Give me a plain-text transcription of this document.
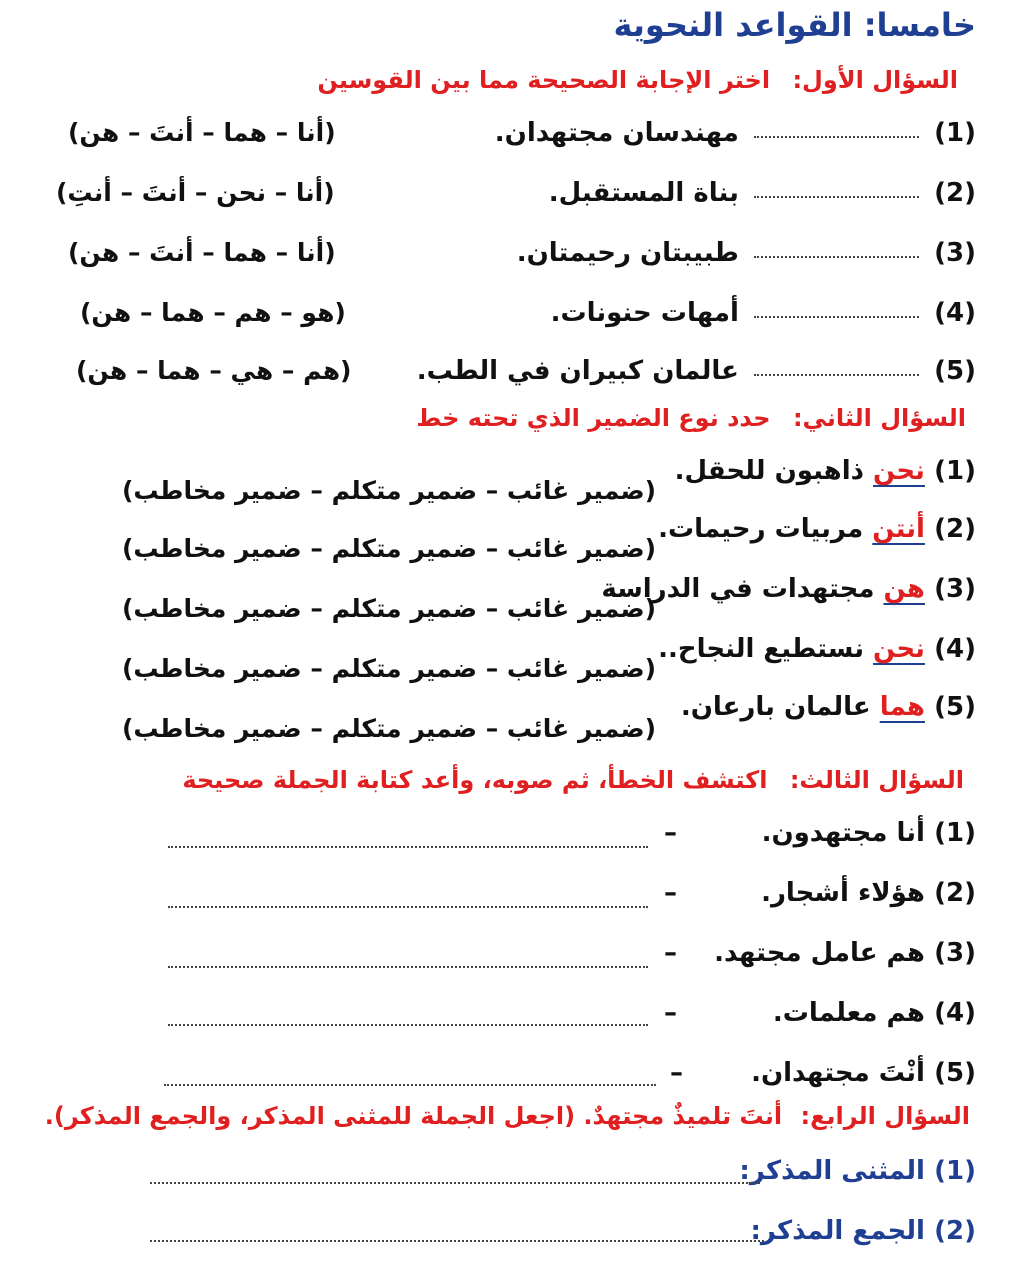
خامسا: القواعد النحوية
السؤال الأول: اختر الإجابة الصحيحة مما بين القوسين
(1)  مهندسان مجتهدان.
(أنا – هما – أنتَ – هن)
(2)  بناة المستقبل.
(أنا – نحن – أنتَ – أنتِ)
(3)  طبيبتان رحيمتان.
(أنا – هما – أنتَ – هن)
(4)  أمهات حنونات.
(هو – هم – هما – هن)
(5)  عالمان كبيران في الطب.
(هم – هي – هما – هن)
السؤال الثاني: حدد نوع الضمير الذي تحته خط
(1) نحن ذاهبون للحقل.
(ضمير غائب – ضمير متكلم – ضمير مخاطب)
(2) أنتن مربيات رحيمات.
(ضمير غائب – ضمير متكلم – ضمير مخاطب)
(3) هن مجتهدات في الدراسة
(ضمير غائب – ضمير متكلم – ضمير مخاطب)
(4) نحن نستطيع النجاح..
(ضمير غائب – ضمير متكلم – ضمير مخاطب)
(5) هما عالمان بارعان.
(ضمير غائب – ضمير متكلم – ضمير مخاطب)
السؤال الثالث: اكتشف الخطأ، ثم صوبه، وأعد كتابة الجملة صحيحة
(1) أنا مجتهدون.
–
(2) هؤلاء أشجار.
–
(3) هم عامل مجتهد.
–
(4) هم معلمات.
–
(5) أنْتَ مجتهدان.
–
السؤال الرابع: أنتَ تلميذٌ مجتهدٌ. (اجعل الجملة للمثنى المذكر، والجمع المذكر).
(1) المثنى المذكر:
(2) الجمع المذكر:
